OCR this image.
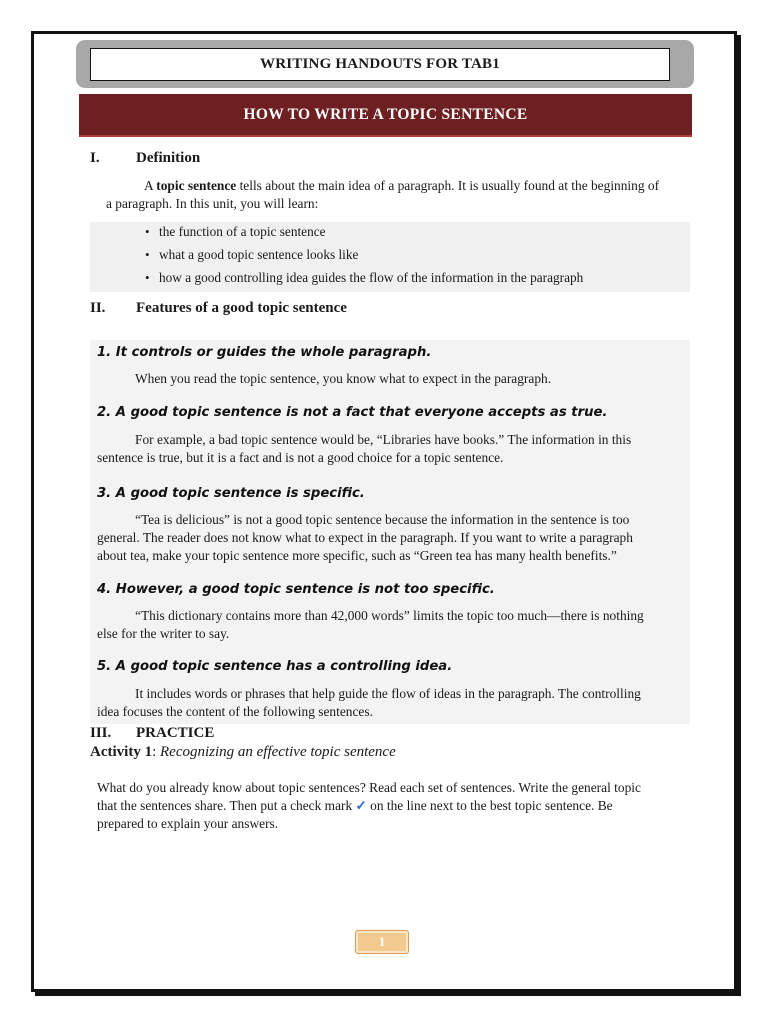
WRITING HANDOUTS FOR TAB1
HOW TO WRITE A TOPIC SENTENCE
I.	Definition
A topic sentence tells about the main idea of a paragraph. It is usually found at the beginning of
a paragraph. In this unit, you will learn:
• the function of a topic sentence
• what a good topic sentence looks like
• how a good controlling idea guides the flow of the information in the paragraph
II.	Features of a good topic sentence
1. It controls or guides the whole paragraph.
When you read the topic sentence, you know what to expect in the paragraph.
2. A good topic sentence is not a fact that everyone accepts as true.
For example, a bad topic sentence would be, “Libraries have books.” The information in this
sentence is true, but it is a fact and is not a good choice for a topic sentence.
3. A good topic sentence is specific.
“Tea is delicious” is not a good topic sentence because the information in the sentence is too
general. The reader does not know what to expect in the paragraph. If you want to write a paragraph
about tea, make your topic sentence more specific, such as “Green tea has many health benefits.”
4. However, a good topic sentence is not too specific.
“This dictionary contains more than 42,000 words” limits the topic too much—there is nothing
else for the writer to say.
5. A good topic sentence has a controlling idea.
It includes words or phrases that help guide the flow of ideas in the paragraph. The controlling
idea focuses the content of the following sentences.
III.	PRACTICE
Activity 1: Recognizing an effective topic sentence
What do you already know about topic sentences? Read each set of sentences. Write the general topic
that the sentences share. Then put a check mark ✓ on the line next to the best topic sentence. Be
prepared to explain your answers.
1
